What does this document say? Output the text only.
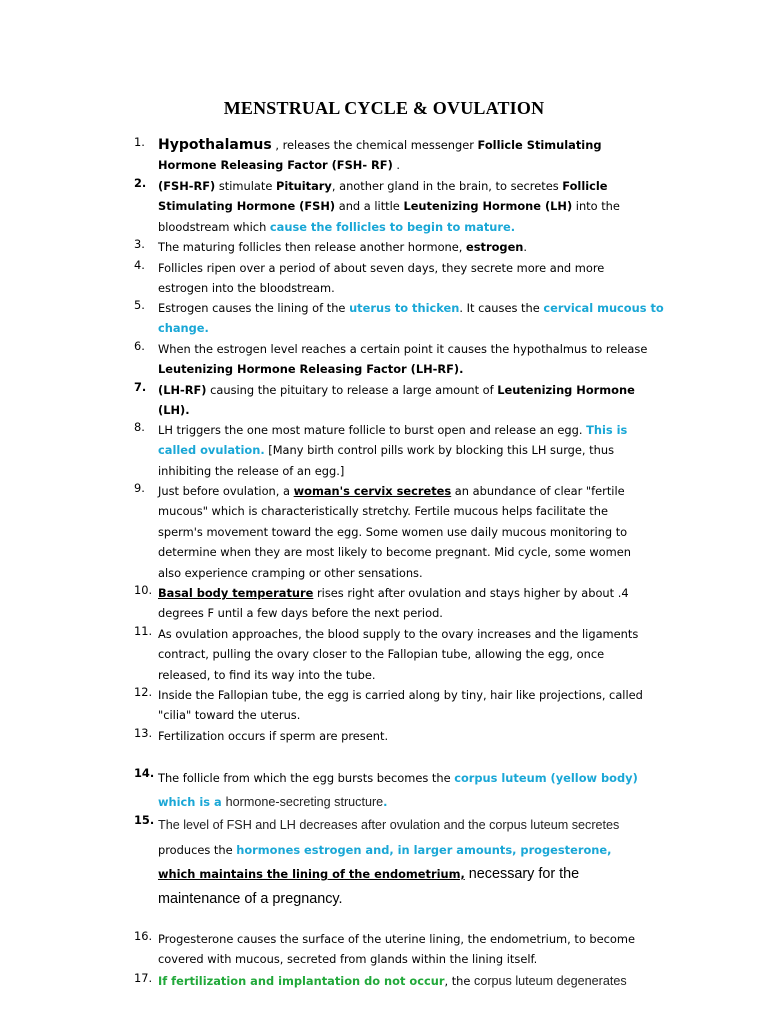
MENSTRUAL CYCLE & OVULATION
1. Hypothalamus , releases the chemical messenger Follicle Stimulating Hormone Releasing Factor (FSH- RF) .
2.	(FSH-RF) stimulate Pituitary, another gland in the brain, to secretes Follicle Stimulating Hormone (FSH) and a little Leutenizing Hormone (LH) into the bloodstream which cause the follicles to begin to mature.
3.	The maturing follicles then release another hormone, estrogen.
4.	Follicles ripen over a period of about seven days, they secrete more and more estrogen into the bloodstream.
5.	Estrogen causes the lining of the uterus to thicken. It causes the cervical mucous to change.
6.	When the estrogen level reaches a certain point it causes the hypothalmus to release Leutenizing Hormone Releasing Factor (LH-RF).
7.	(LH-RF) causing the pituitary to release a large amount of Leutenizing Hormone (LH).
8.	LH triggers the one most mature follicle to burst open and release an egg. This is called ovulation. [Many birth control pills work by blocking this LH surge, thus inhibiting the release of an egg.]
9.	Just before ovulation, a woman's cervix secretes an abundance of clear "fertile mucous" which is characteristically stretchy. Fertile mucous helps facilitate the sperm's movement toward the egg. Some women use daily mucous monitoring to determine when they are most likely to become pregnant. Mid cycle, some women also experience cramping or other sensations.
10. Basal body temperature rises right after ovulation and stays higher by about .4 degrees F until a few days before the next period.
11. As ovulation approaches, the blood supply to the ovary increases and the ligaments contract, pulling the ovary closer to the Fallopian tube, allowing the egg, once released, to find its way into the tube.
12. Inside the Fallopian tube, the egg is carried along by tiny, hair like projections, called "cilia" toward the uterus.
13. Fertilization occurs if sperm are present.
14. The follicle from which the egg bursts becomes the corpus luteum (yellow body) which is a hormone-secreting structure.
15. The level of FSH and LH decreases after ovulation and the corpus luteum secretes produces the hormones estrogen and, in larger amounts, progesterone, which maintains the lining of the endometrium, necessary for the maintenance of a pregnancy.
16. Progesterone causes the surface of the uterine lining, the endometrium, to become covered with mucous, secreted from glands within the lining itself.
17. If fertilization and implantation do not occur, the corpus luteum degenerates
